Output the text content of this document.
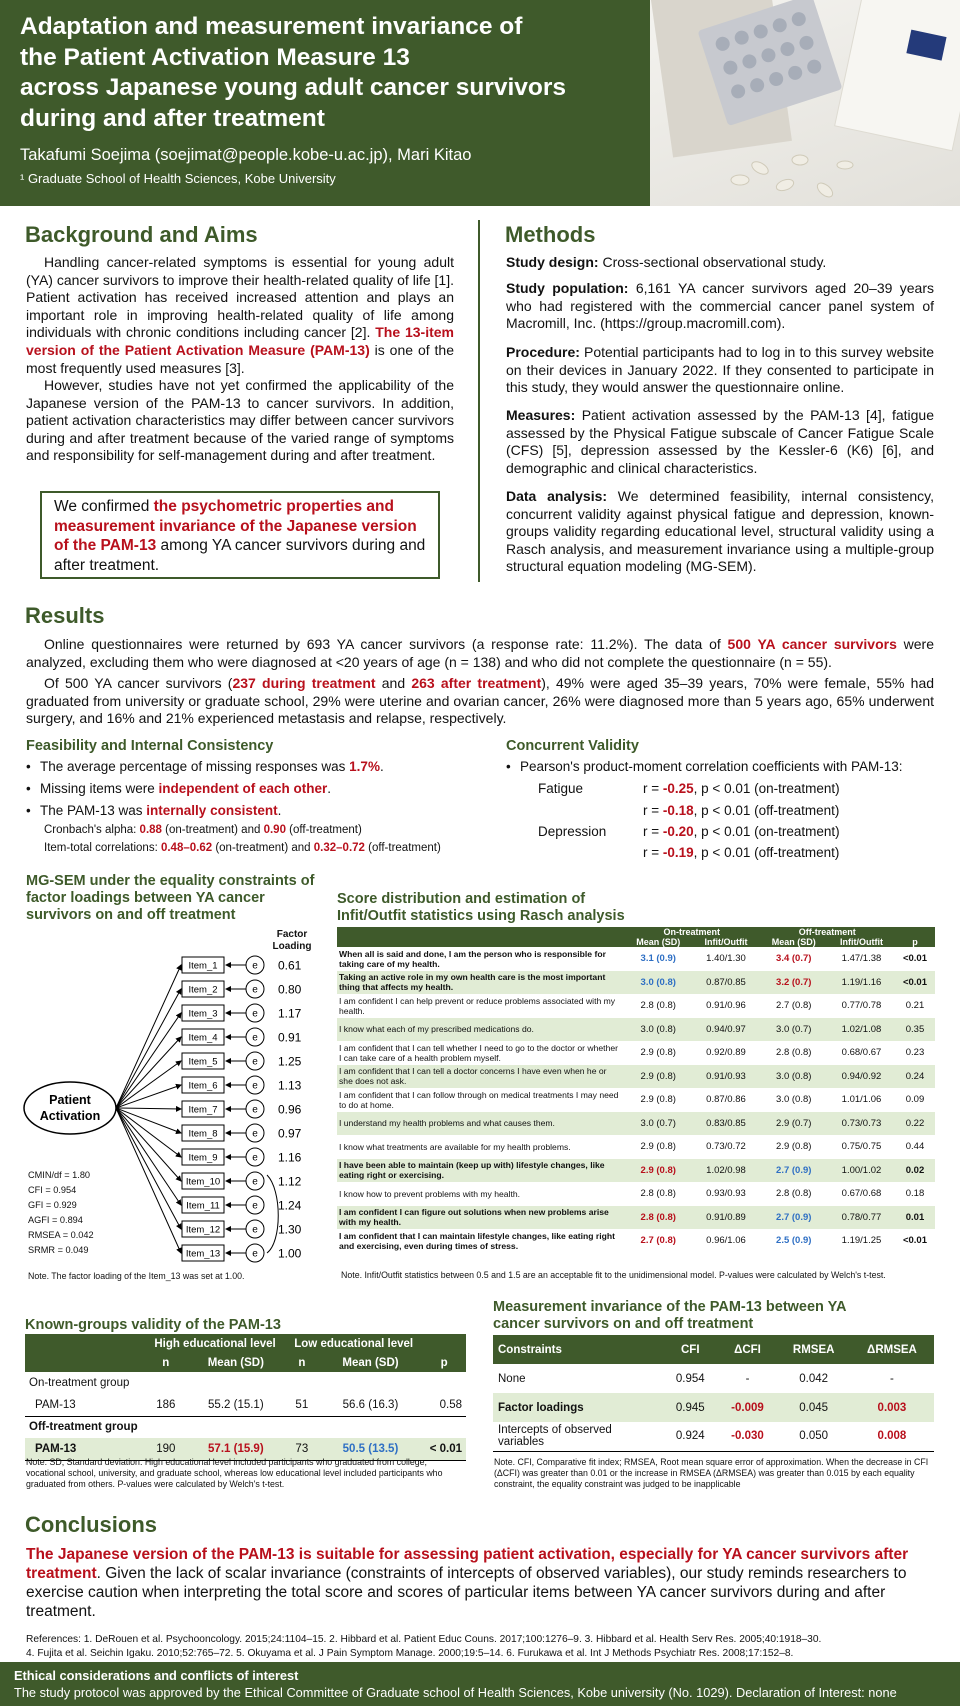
Adaptation and measurement invariance of
the Patient Activation Measure 13
across Japanese young adult cancer survivors
during and after treatment
Takafumi Soejima (soejimat@people.kobe-u.ac.jp), Mari Kitao
¹ Graduate School of Health Sciences, Kobe University
Background and Aims

Handling cancer-related symptoms is essential for young adult (YA) cancer survivors to improve their health-related quality of life [1]. Patient activation has received increased attention and plays an important role in improving health-related quality of life among individuals with chronic conditions including cancer [2]. The 13-item version of the Patient Activation Measure (PAM-13) is one of the most frequently used measures [3].

However, studies have not yet confirmed the applicability of the Japanese version of the PAM-13 to cancer survivors. In addition, patient activation characteristics may differ between cancer survivors during and after treatment because of the varied range of symptoms and responsibility for self-management during and after treatment.

We confirmed the psychometric properties and measurement invariance of the Japanese version of the PAM-13 among YA cancer survivors during and after treatment.
Methods

Study design: Cross-sectional observational study.

Study population: 6,161 YA cancer survivors aged 20–39 years who had registered with the commercial cancer panel system of Macromill, Inc. (https://group.macromill.com).

Procedure: Potential participants had to log in to this survey website on their devices in January 2022. If they consented to participate in this study, they would answer the questionnaire online.

Measures: Patient activation assessed by the PAM-13 [4], fatigue assessed by the Physical Fatigue subscale of Cancer Fatigue Scale (CFS) [5], depression assessed by the Kessler-6 (K6) [6], and demographic and clinical characteristics.

Data analysis: We determined feasibility, internal consistency, concurrent validity against physical fatigue and depression, known-groups validity regarding educational level, structural validity using a Rasch analysis, and measurement invariance using a multiple-group structural equation modeling (MG-SEM).

Results

Online questionnaires were returned by 693 YA cancer survivors (a response rate: 11.2%). The data of 500 YA cancer survivors were analyzed, excluding them who were diagnosed at <20 years of age (n = 138) and who did not complete the questionnaire (n = 55).

Of 500 YA cancer survivors (237 during treatment and 263 after treatment), 49% were aged 35–39 years, 70% were female, 55% had graduated from university or graduate school, 29% were uterine and ovarian cancer, 26% were diagnosed more than 5 years ago, 65% underwent surgery, and 16% and 21% experienced metastasis and relapse, respectively.

Feasibility and Internal Consistency
• The average percentage of missing responses was 1.7%.
• Missing items were independent of each other.
• The PAM-13 was internally consistent.
Cronbach's alpha: 0.88 (on-treatment) and 0.90 (off-treatment)
Item-total correlations: 0.48–0.62 (on-treatment) and 0.32–0.72 (off-treatment)
Concurrent Validity
• Pearson's product-moment correlation coefficients with PAM-13:
Fatigue	r = -0.25, p < 0.01 (on-treatment)
r = -0.18, p < 0.01 (off-treatment)
Depression	r = -0.20, p < 0.01 (on-treatment)
r = -0.19, p < 0.01 (off-treatment)
MG-SEM under the equality constraints of factor loadings between YA cancer survivors on and off treatment
Factor Loading
Patient
Activation
Item_1	e 0.61
Item_2	e 0.80
Item_3	e 1.17
Item_4	e 0.91
Item_5	e 1.25
Item_6	e 1.13
Item_7	e 0.96
Item_8	e 0.97
Item_9	e 1.16
Item_10	e 1.12
Item_11	e 1.24
Item_12	e 1.30
Item_13	e 1.00
CMIN/df = 1.80
CFI = 0.954
GFI = 0.929
AGFI = 0.894
RMSEA = 0.042
SRMR = 0.049
Note. The factor loading of the Item_13 was set at 1.00.
Score distribution and estimation of Infit/Outfit statistics using Rasch analysis
	On-treatment		Off-treatment		
	Mean (SD)	Infit/Outfit	Mean (SD)	Infit/Outfit	p
When all is said and done, I am the person who is responsible for taking care of my health.	3.1 (0.9)	1.40/1.30	3.4 (0.7)	1.47/1.38	<0.01
Taking an active role in my own health care is the most important thing that affects my health.	3.0 (0.8)	0.87/0.85	3.2 (0.7)	1.19/1.16	<0.01
I am confident I can help prevent or reduce problems associated with my health.	2.8 (0.8)	0.91/0.96	2.7 (0.8)	0.77/0.78	0.21
I know what each of my prescribed medications do.	3.0 (0.8)	0.94/0.97	3.0 (0.7)	1.02/1.08	0.35
I am confident that I can tell whether I need to go to the doctor or whether I can take care of a health problem myself.	2.9 (0.8)	0.92/0.89	2.8 (0.8)	0.68/0.67	0.23
I am confident that I can tell a doctor concerns I have even when he or she does not ask.	2.9 (0.8)	0.91/0.93	3.0 (0.8)	0.94/0.92	0.24
I am confident that I can follow through on medical treatments I may need to do at home.	2.9 (0.8)	0.87/0.86	3.0 (0.8)	1.01/1.06	0.09
I understand my health problems and what causes them.	3.0 (0.7)	0.83/0.85	2.9 (0.7)	0.73/0.73	0.22
I know what treatments are available for my health problems.	2.9 (0.8)	0.73/0.72	2.9 (0.8)	0.75/0.75	0.44
I have been able to maintain (keep up with) lifestyle changes, like eating right or exercising.	2.9 (0.8)	1.02/0.98	2.7 (0.9)	1.00/1.02	0.02
I know how to prevent problems with my health.	2.8 (0.8)	0.93/0.93	2.8 (0.8)	0.67/0.68	0.18
I am confident I can figure out solutions when new problems arise with my health.	2.8 (0.8)	0.91/0.89	2.7 (0.9)	0.78/0.77	0.01
I am confident that I can maintain lifestyle changes, like eating right and exercising, even during times of stress.	2.7 (0.8)	0.96/1.06	2.5 (0.9)	1.19/1.25	<0.01
Note. Infit/Outfit statistics between 0.5 and 1.5 are an acceptable fit to the unidimensional model. P-values were calculated by Welch's t-test.
Known-groups validity of the PAM-13
	High educational level		Low educational level		
	n	Mean (SD)	n	Mean (SD)	p
On-treatment group					
PAM-13	186	55.2 (15.1)	51	56.6 (16.3)	0.58
Off-treatment group					
PAM-13	190	57.1 (15.9)	73	50.5 (13.5)	< 0.01
Note. SD, Standard deviation. High educational level included participants who graduated from college, vocational school, university, and graduate school, whereas low educational level included participants who graduated from others. P-values were calculated by Welch's t-test.
Measurement invariance of the PAM-13 between YA cancer survivors on and off treatment
Constraints	CFI	ΔCFI	RMSEA	ΔRMSEA
None	0.954	-	0.042	-
Factor loadings	0.945	-0.009	0.045	0.003
Intercepts of observed variables	0.924	-0.030	0.050	0.008
Note. CFI, Comparative fit index; RMSEA, Root mean square error of approximation. When the decrease in CFI (ΔCFI) was greater than 0.01 or the increase in RMSEA (ΔRMSEA) was greater than 0.015 by each equality constraint, the equality constraint was judged to be inapplicable
Conclusions

The Japanese version of the PAM-13 is suitable for assessing patient activation, especially for YA cancer survivors after treatment. Given the lack of scalar invariance (constraints of intercepts of observed variables), our study reminds researchers to exercise caution when interpreting the total score and scores of particular items between YA cancer survivors during and after treatment.

References: 1. DeRouen et al. Psychooncology. 2015;24:1104–15. 2. Hibbard et al. Patient Educ Couns. 2017;100:1276–9. 3. Hibbard et al. Health Serv Res. 2005;40:1918–30.
4. Fujita et al. Seichin Igaku. 2010;52:765–72. 5. Okuyama et al. J Pain Symptom Manage. 2000;19:5–14. 6. Furukawa et al. Int J Methods Psychiatr Res. 2008;17:152–8.
Ethical considerations and conflicts of interest
The study protocol was approved by the Ethical Committee of Graduate school of Health Sciences, Kobe university (No. 1029). Declaration of Interest: none
